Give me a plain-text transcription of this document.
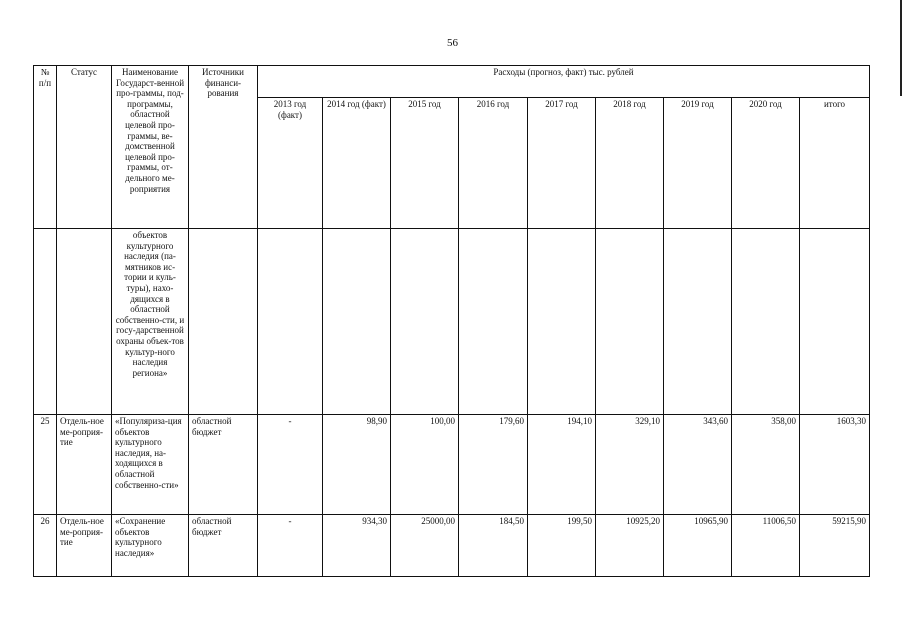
56
№ п/п	Статус	Наименование Государст-венной про-граммы, под-программы, областной целевой про-граммы, ве-домственной целевой про-граммы, от-дельного ме-роприятия	Источники финанси-рования	Расходы (прогноз, факт) тыс. рублей								
				2013 год (факт)	2014 год (факт)	2015 год	2016 год	2017 год	2018 год	2019 год	2020 год	итого
		объектов культурного наследия (па-мятников ис-тории и куль-туры), нахо-дящихся в областной собственно-сти, и госу-дарственной охраны объек-тов культур-ного наследия регионa»										
25	Отдель-ное ме-роприя-тие	«Популяриза-ция объектов культурного наследия, на-ходящихся в областной собственно-сти»	областной бюджет	-	98,90	100,00	179,60	194,10	329,10	343,60	358,00	1603,30
26	Отдель-ное ме-роприя-тие	«Сохранение объектов культурного наследия»	областной бюджет	-	934,30	25000,00	184,50	199,50	10925,20	10965,90	11006,50	59215,90
